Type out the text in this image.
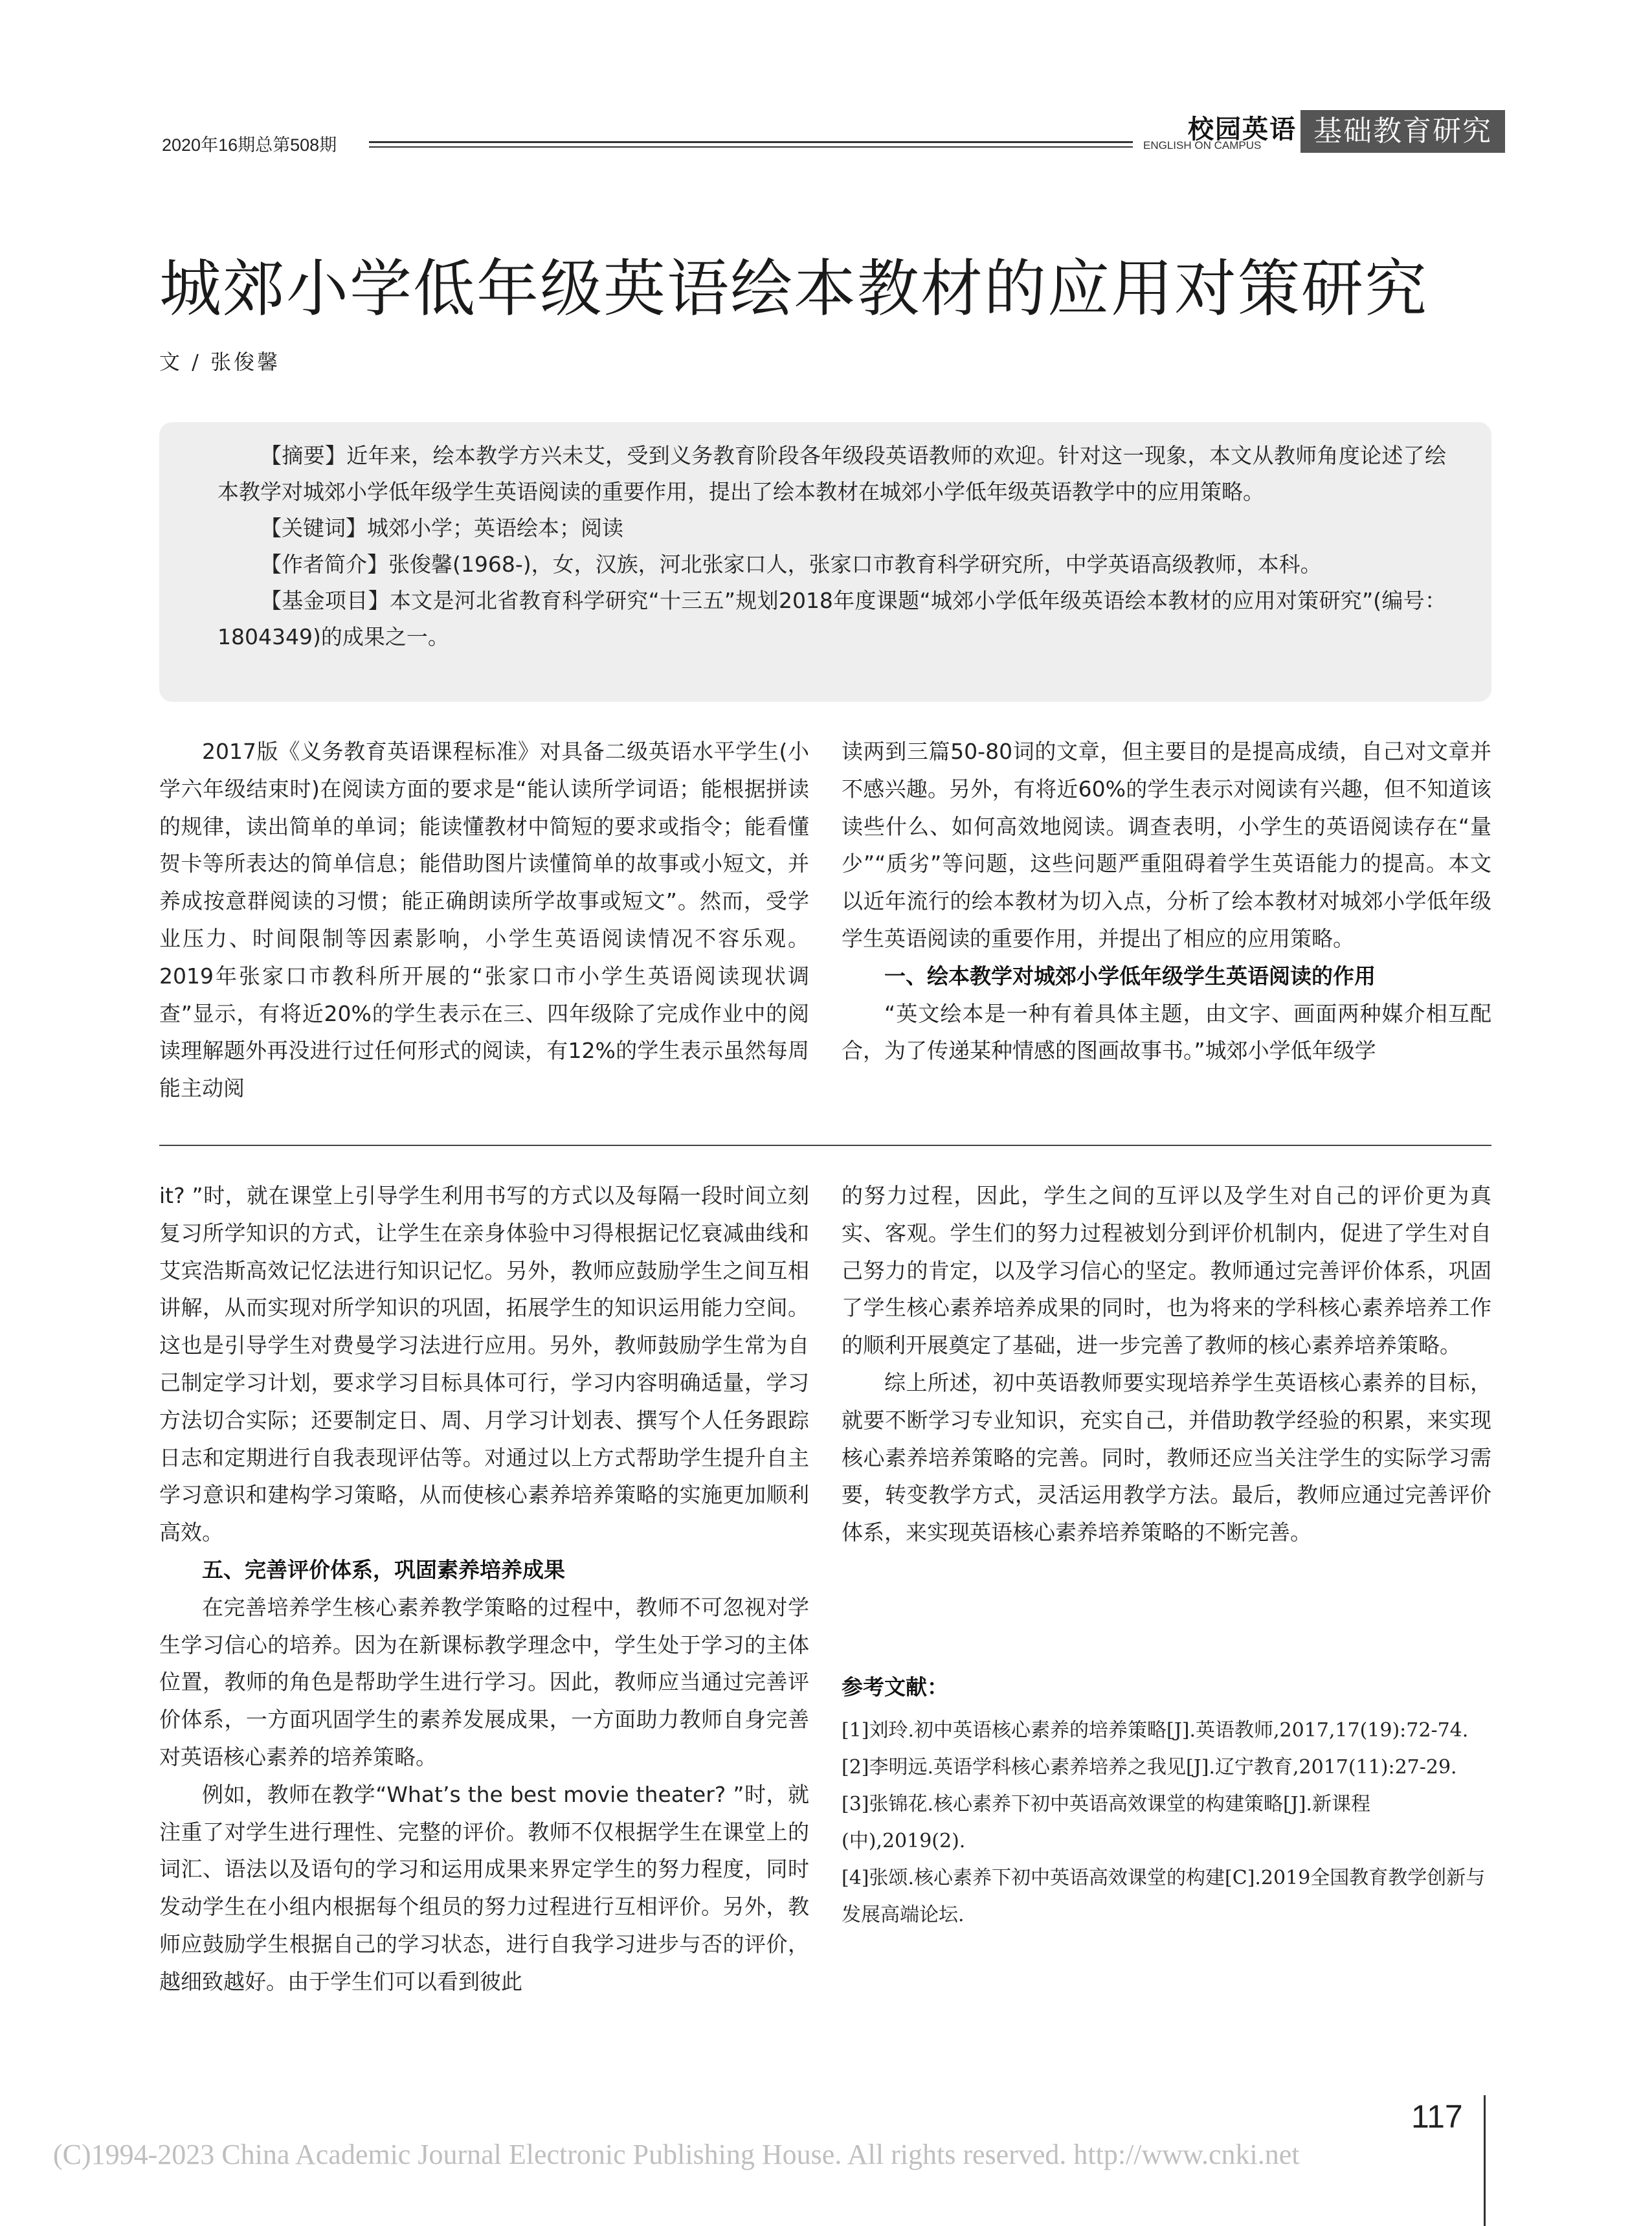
2020年16期总第508期
校园英语
ENGLISH ON CAMPUS	基础教育研究
城郊小学低年级英语绘本教材的应用对策研究
文 / 张俊馨

【摘要】近年来，绘本教学方兴未艾，受到义务教育阶段各年级段英语教师的欢迎。针对这一现象，本文从教师角度论述了绘本教学对城郊小学低年级学生英语阅读的重要作用，提出了绘本教材在城郊小学低年级英语教学中的应用策略。

【关键词】城郊小学；英语绘本；阅读

【作者简介】张俊馨(1968-)，女，汉族，河北张家口人，张家口市教育科学研究所，中学英语高级教师，本科。

【基金项目】本文是河北省教育科学研究“十三五”规划2018年度课题“城郊小学低年级英语绘本教材的应用对策研究”(编号：1804349)的成果之一。

2017版《义务教育英语课程标准》对具备二级英语水平学生(小学六年级结束时)在阅读方面的要求是“能认读所学词语；能根据拼读的规律，读出简单的单词；能读懂教材中简短的要求或指令；能看懂贺卡等所表达的简单信息；能借助图片读懂简单的故事或小短文，并养成按意群阅读的习惯；能正确朗读所学故事或短文”。然而，受学业压力、时间限制等因素影响，小学生英语阅读情况不容乐观。2019年张家口市教科所开展的“张家口市小学生英语阅读现状调查”显示，有将近20%的学生表示在三、四年级除了完成作业中的阅读理解题外再没进行过任何形式的阅读，有12%的学生表示虽然每周能主动阅

读两到三篇50-80词的文章，但主要目的是提高成绩，自己对文章并不感兴趣。另外，有将近60%的学生表示对阅读有兴趣，但不知道该读些什么、如何高效地阅读。调查表明，小学生的英语阅读存在“量少”“质劣”等问题，这些问题严重阻碍着学生英语能力的提高。本文以近年流行的绘本教材为切入点，分析了绘本教材对城郊小学低年级学生英语阅读的重要作用，并提出了相应的应用策略。

一、绘本教学对城郊小学低年级学生英语阅读的作用

“英文绘本是一种有着具体主题，由文字、画面两种媒介相互配合，为了传递某种情感的图画故事书。”城郊小学低年级学

it? ”时，就在课堂上引导学生利用书写的方式以及每隔一段时间立刻复习所学知识的方式，让学生在亲身体验中习得根据记忆衰减曲线和艾宾浩斯高效记忆法进行知识记忆。另外，教师应鼓励学生之间互相讲解，从而实现对所学知识的巩固，拓展学生的知识运用能力空间。这也是引导学生对费曼学习法进行应用。另外，教师鼓励学生常为自己制定学习计划，要求学习目标具体可行，学习内容明确适量，学习方法切合实际；还要制定日、周、月学习计划表、撰写个人任务跟踪日志和定期进行自我表现评估等。对通过以上方式帮助学生提升自主学习意识和建构学习策略，从而使核心素养培养策略的实施更加顺利高效。

五、完善评价体系，巩固素养培养成果

在完善培养学生核心素养教学策略的过程中，教师不可忽视对学生学习信心的培养。因为在新课标教学理念中，学生处于学习的主体位置，教师的角色是帮助学生进行学习。因此，教师应当通过完善评价体系，一方面巩固学生的素养发展成果，一方面助力教师自身完善对英语核心素养的培养策略。

例如，教师在教学“What’s the best movie theater? ”时，就注重了对学生进行理性、完整的评价。教师不仅根据学生在课堂上的词汇、语法以及语句的学习和运用成果来界定学生的努力程度，同时发动学生在小组内根据每个组员的努力过程进行互相评价。另外，教师应鼓励学生根据自己的学习状态，进行自我学习进步与否的评价，越细致越好。由于学生们可以看到彼此

的努力过程，因此，学生之间的互评以及学生对自己的评价更为真实、客观。学生们的努力过程被划分到评价机制内，促进了学生对自己努力的肯定，以及学习信心的坚定。教师通过完善评价体系，巩固了学生核心素养培养成果的同时，也为将来的学科核心素养培养工作的顺利开展奠定了基础，进一步完善了教师的核心素养培养策略。

综上所述，初中英语教师要实现培养学生英语核心素养的目标，就要不断学习专业知识，充实自己，并借助教学经验的积累，来实现核心素养培养策略的完善。同时，教师还应当关注学生的实际学习需要，转变教学方式，灵活运用教学方法。最后，教师应通过完善评价体系，来实现英语核心素养培养策略的不断完善。

参考文献：

[1]刘玲.初中英语核心素养的培养策略[J].英语教师,2017,17(19):72-74.

[2]李明远.英语学科核心素养培养之我见[J].辽宁教育,2017(11):27-29.

[3]张锦花.核心素养下初中英语高效课堂的构建策略[J].新课程(中),2019(2).

[4]张颂.核心素养下初中英语高效课堂的构建[C].2019全国教育教学创新与发展高端论坛.

117
(C)1994-2023 China Academic Journal Electronic Publishing House. All rights reserved. http://www.cnki.net
